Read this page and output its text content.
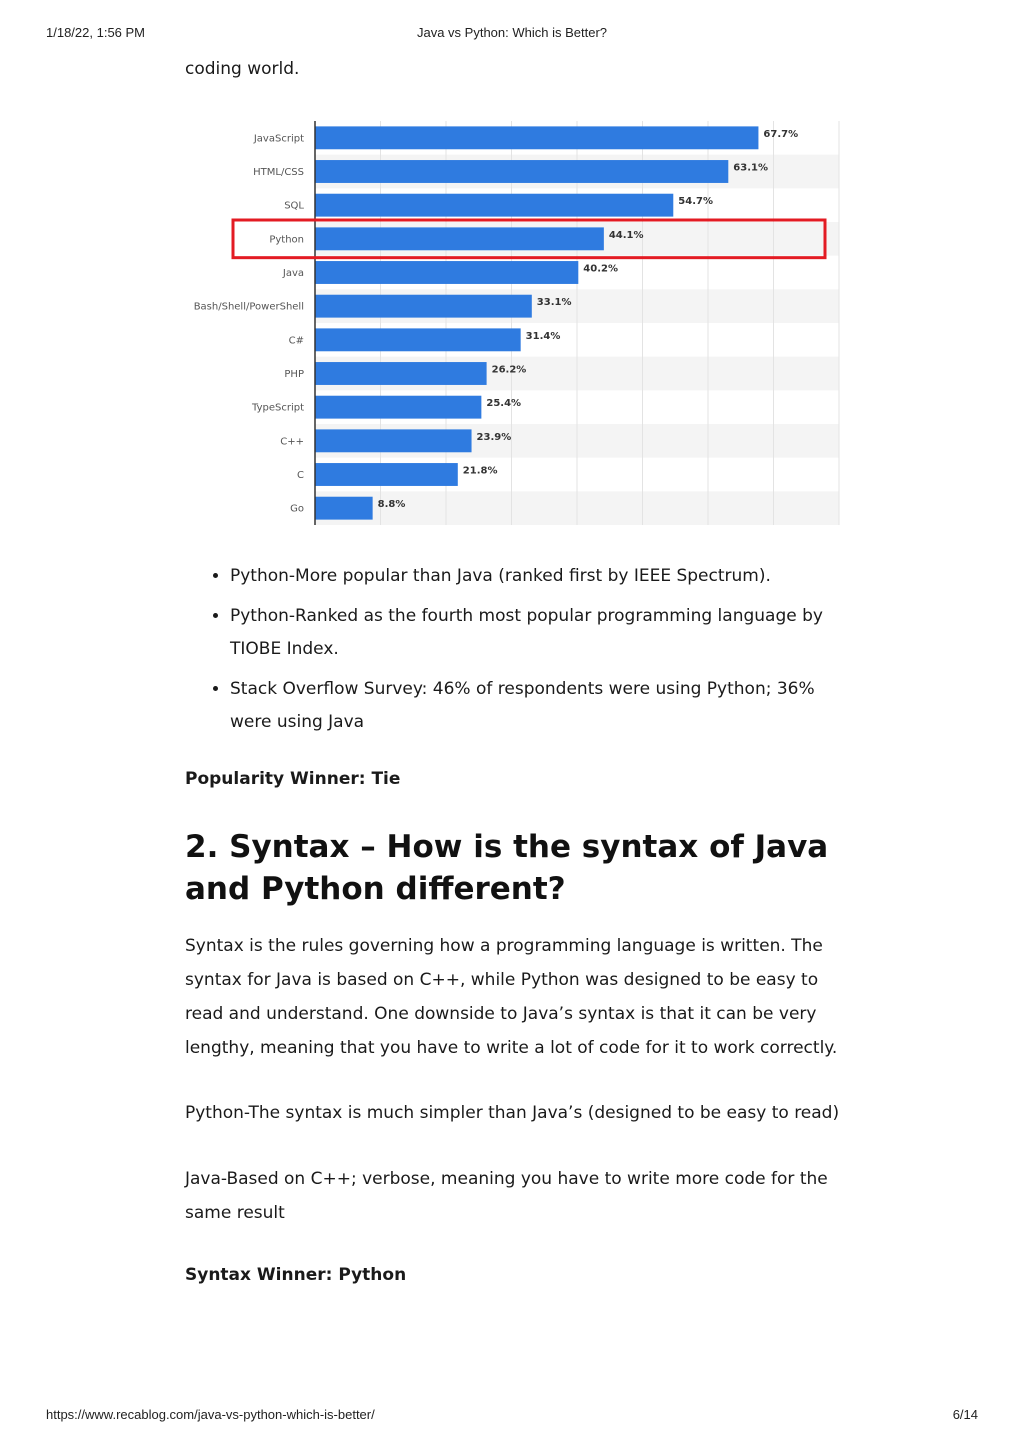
1/18/22, 1:56 PM	Java vs Python: Which is Better?
coding world.
JavaScript	67.7%
HTML/CSS	63.1%
SQL	54.7%
Python	44.1%
Java	40.2%
Bash/Shell/PowerShell	33.1%
C#	31.4%
PHP	26.2%
TypeScript	25.4%
C++	23.9%
C	21.8%
Go	8.8%
• Python-More popular than Java (ranked first by IEEE Spectrum).
• Python-Ranked as the fourth most popular programming language by TIOBE Index.
• Stack Overflow Survey: 46% of respondents were using Python; 36% were using Java
Popularity Winner: Tie
2. Syntax – How is the syntax of Java and Python different?

Syntax is the rules governing how a programming language is written. The syntax for Java is based on C++, while Python was designed to be easy to read and understand. One downside to Java’s syntax is that it can be very lengthy, meaning that you have to write a lot of code for it to work correctly.

Python-The syntax is much simpler than Java’s (designed to be easy to read)

Java-Based on C++; verbose, meaning you have to write more code for the same result

Syntax Winner: Python
https://www.recablog.com/java-vs-python-which-is-better/	6/14
